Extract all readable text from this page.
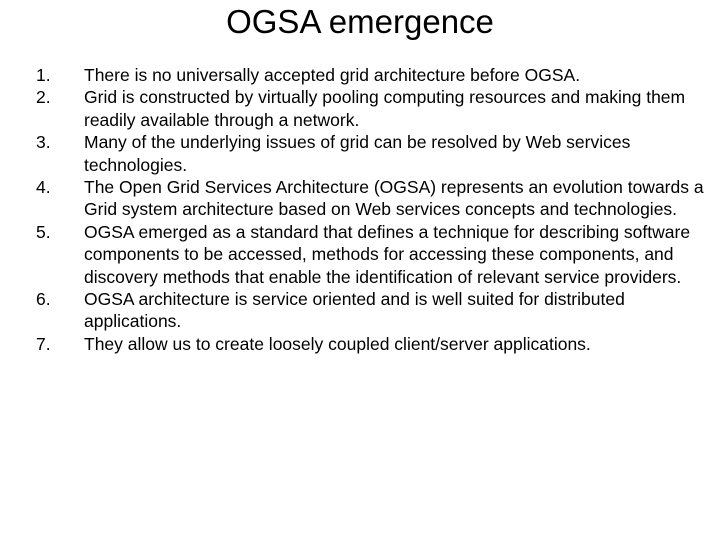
OGSA emergence
1.	There is no universally accepted grid architecture before OGSA.
2.	Grid is constructed by virtually pooling computing resources and making them readily available through a network.
3.	Many of the underlying issues of grid can be resolved by Web services technologies.
4.	The Open Grid Services Architecture (OGSA) represents an evolution towards a Grid system architecture based on Web services concepts and technologies.
5.	OGSA emerged as a standard that defines a technique for describing software components to be accessed, methods for accessing these components, and discovery methods that enable the identification of relevant service providers.
6.	OGSA architecture is service oriented and is well suited for distributed applications.
7.	They allow us to create loosely coupled client/server applications.
